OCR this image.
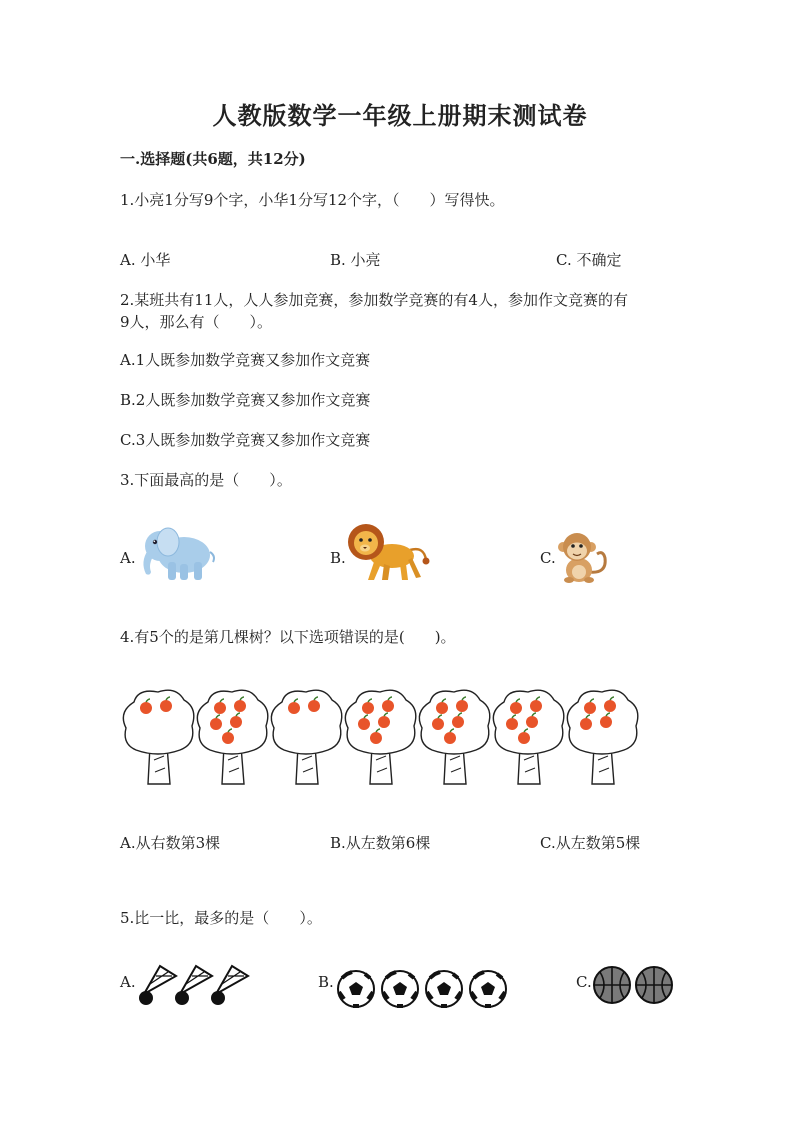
人教版数学一年级上册期末测试卷
一.选择题(共6题，共12分)
1.小亮1分写9个字，小华1分写12个字，（　　）写得快。
A. 小华	B. 小亮	C. 不确定
2.某班共有11人，人人参加竞赛，参加数学竞赛的有4人，参加作文竞赛的有
9人，那么有（　　）。
A.1人既参加数学竞赛又参加作文竞赛
B.2人既参加数学竞赛又参加作文竞赛
C.3人既参加数学竞赛又参加作文竞赛
3.下面最高的是（　　）。
A.	B.	C.
4.有5个的是第几棵树？以下选项错误的是(　　)。
A.从右数第3棵	B.从左数第6棵	C.从左数第5棵
5.比一比，最多的是（　　）。
A.	B.	C.
